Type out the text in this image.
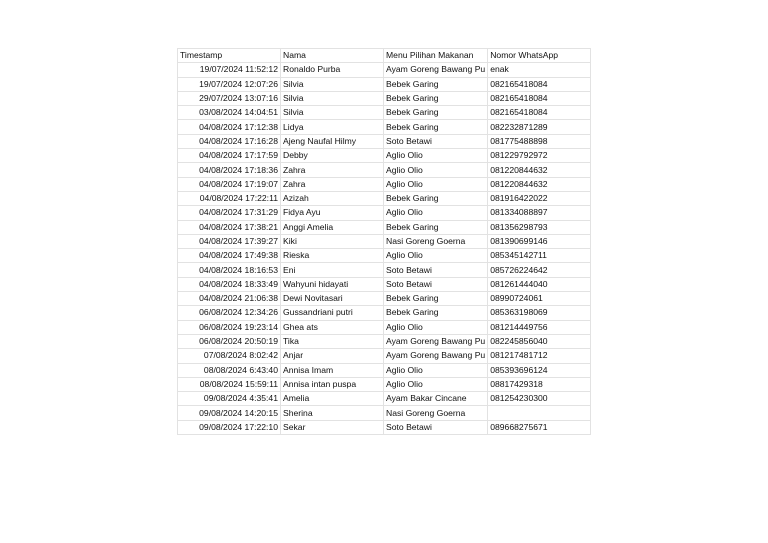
Timestamp	Nama	Menu Pilihan Makanan	Nomor WhatsApp
19/07/2024 11:52:12	Ronaldo Purba	Ayam Goreng Bawang Pu	enak
19/07/2024 12:07:26	Silvia	Bebek Garing	082165418084
29/07/2024 13:07:16	Silvia	Bebek Garing	082165418084
03/08/2024 14:04:51	Silvia	Bebek Garing	082165418084
04/08/2024 17:12:38	Lidya	Bebek Garing	082232871289
04/08/2024 17:16:28	Ajeng Naufal Hilmy	Soto Betawi	081775488898
04/08/2024 17:17:59	Debby	Aglio Olio	081229792972
04/08/2024 17:18:36	Zahra	Aglio Olio	081220844632
04/08/2024 17:19:07	Zahra	Aglio Olio	081220844632
04/08/2024 17:22:11	Azizah	Bebek Garing	081916422022
04/08/2024 17:31:29	Fidya Ayu	Aglio Olio	081334088897
04/08/2024 17:38:21	Anggi Amelia	Bebek Garing	081356298793
04/08/2024 17:39:27	Kiki	Nasi Goreng Goerna	081390699146
04/08/2024 17:49:38	Rieska	Aglio Olio	085345142711
04/08/2024 18:16:53	Eni	Soto Betawi	085726224642
04/08/2024 18:33:49	Wahyuni hidayati	Soto Betawi	081261444040
04/08/2024 21:06:38	Dewi Novitasari	Bebek Garing	08990724061
06/08/2024 12:34:26	Gussandriani putri	Bebek Garing	085363198069
06/08/2024 19:23:14	Ghea ats	Aglio Olio	081214449756
06/08/2024 20:50:19	Tika	Ayam Goreng Bawang Pu	082245856040
07/08/2024 8:02:42	Anjar	Ayam Goreng Bawang Pu	081217481712
08/08/2024 6:43:40	Annisa Imam	Aglio Olio	085393696124
08/08/2024 15:59:11	Annisa intan puspa	Aglio Olio	08817429318
09/08/2024 4:35:41	Amelia	Ayam Bakar Cincane	081254230300
09/08/2024 14:20:15	Sherina	Nasi Goreng Goerna	
09/08/2024 17:22:10	Sekar	Soto Betawi	089668275671
